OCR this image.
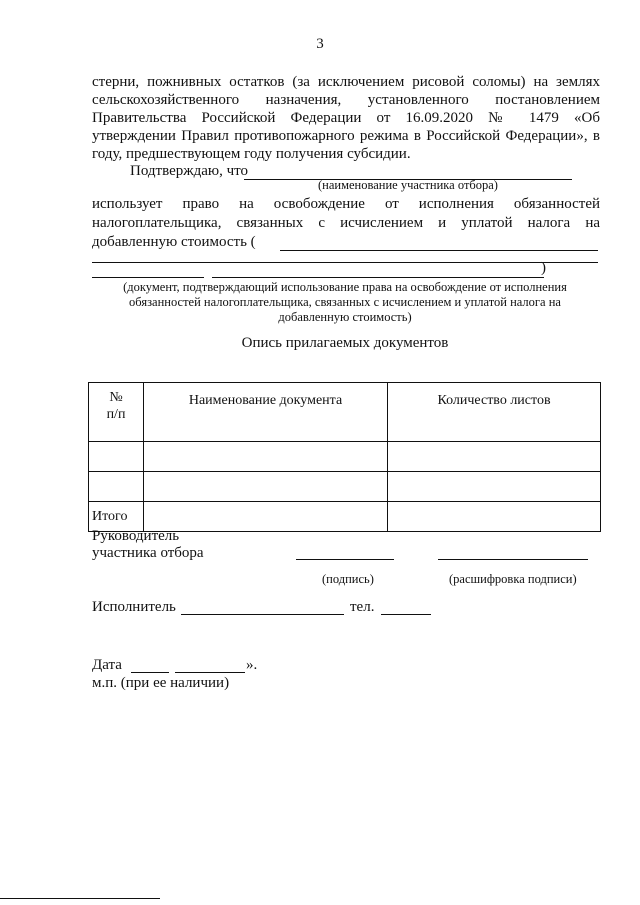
3
стерни, пожнивных остатков (за исключением рисовой соломы) на землях
сельскохозяйственного назначения, установленного постановлением
Правительства Российской Федерации от 16.09.2020 № 1479 «Об
утверждении Правил противопожарного режима в Российской Федерации», в
году, предшествующем году получения субсидии.
Подтверждаю, что
(наименование участника отбора)
использует право на освобождение от исполнения обязанностей
налогоплательщика, связанных с исчислением и уплатой налога на
добавленную стоимость (
)
(документ, подтверждающий использование права на освобождение от исполнения
обязанностей налогоплательщика, связанных с исчислением и уплатой налога на
добавленную стоимость)
Опись прилагаемых документов
№
п/п	Наименование документа	Количество листов

Итого		
Руководитель
участника отбора
(подпись)	(расшифровка подписи)
Исполнитель	тел.
Дата	».
м.п. (при ее наличии)
